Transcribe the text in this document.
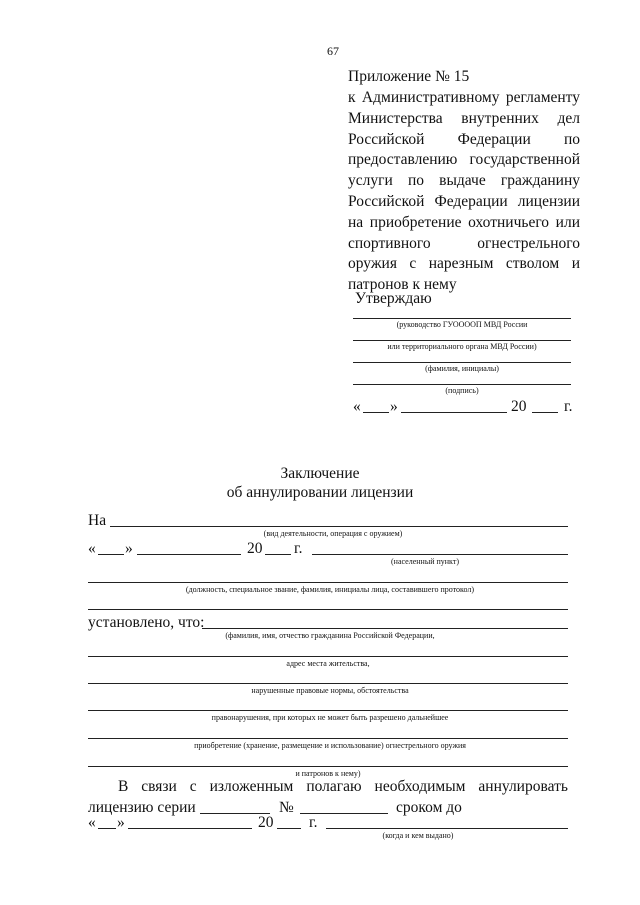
67
Приложение № 15
к Административному регламенту
Министерства внутренних дел
Российской Федерации по
предоставлению государственной
услуги по выдаче гражданину
Российской Федерации лицензии
на приобретение охотничьего или
спортивного огнестрельного
оружия с нарезным стволом и
патронов к нему
Утверждаю
(руководство ГУООООП МВД России
или территориального органа МВД России)
(фамилия, инициалы)
(подпись)
« »	20 г.
Заключение
об аннулировании лицензии
На
(вид деятельности, операция с оружием)
« »	20 г.
(населенный пункт)
(должность, специальное звание, фамилия, инициалы лица, составившего протокол)
установлено, что:
(фамилия, имя, отчество гражданина Российской Федерации,
адрес места жительства,
нарушенные правовые нормы, обстоятельства
правонарушения, при которых не может быть разрешено дальнейшее
приобретение (хранение, размещение и использование) огнестрельного оружия
и патронов к нему)
В связи с изложенным полагаю необходимым аннулировать
лицензию серии	№	сроком до
« »	20 г.
(когда и кем выдано)
